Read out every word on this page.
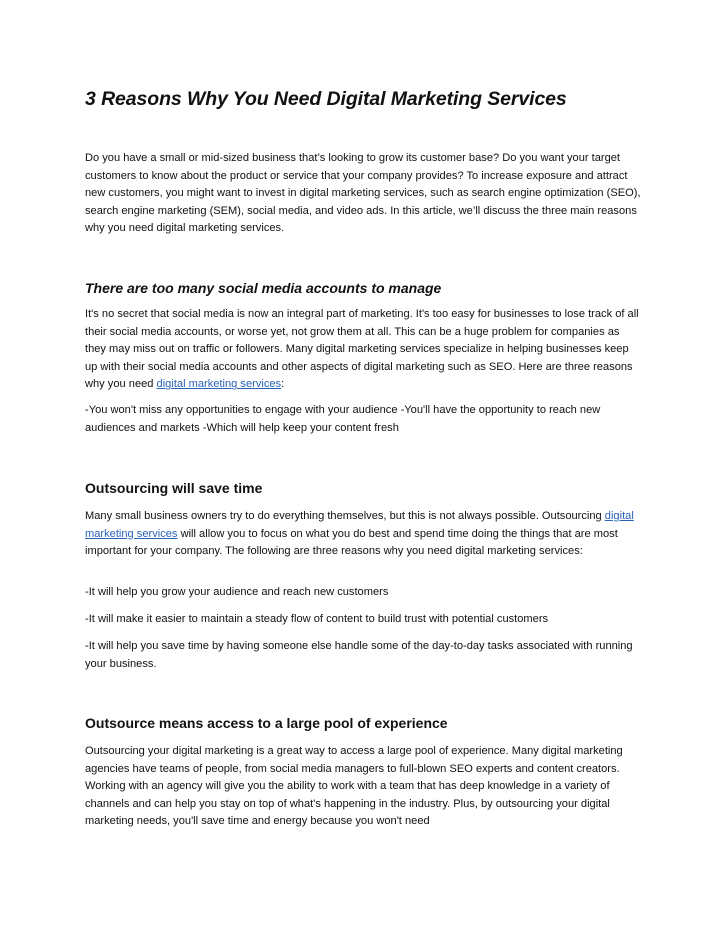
3 Reasons Why You Need Digital Marketing Services

Do you have a small or mid-sized business that’s looking to grow its customer base? Do you want your target customers to know about the product or service that your company provides? To increase exposure and attract new customers, you might want to invest in digital marketing services, such as search engine optimization (SEO), search engine marketing (SEM), social media, and video ads. In this article, we’ll discuss the three main reasons why you need digital marketing services.

There are too many social media accounts to manage

It's no secret that social media is now an integral part of marketing. It's too easy for businesses to lose track of all their social media accounts, or worse yet, not grow them at all. This can be a huge problem for companies as they may miss out on traffic or followers. Many digital marketing services specialize in helping businesses keep up with their social media accounts and other aspects of digital marketing such as SEO. Here are three reasons why you need digital marketing services:

-You won't miss any opportunities to engage with your audience -You'll have the opportunity to reach new audiences and markets -Which will help keep your content fresh

Outsourcing will save time

Many small business owners try to do everything themselves, but this is not always possible. Outsourcing digital marketing services will allow you to focus on what you do best and spend time doing the things that are most important for your company. The following are three reasons why you need digital marketing services:

-It will help you grow your audience and reach new customers

-It will make it easier to maintain a steady flow of content to build trust with potential customers

-It will help you save time by having someone else handle some of the day-to-day tasks associated with running your business.

Outsource means access to a large pool of experience

Outsourcing your digital marketing is a great way to access a large pool of experience. Many digital marketing agencies have teams of people, from social media managers to full-blown SEO experts and content creators. Working with an agency will give you the ability to work with a team that has deep knowledge in a variety of channels and can help you stay on top of what's happening in the industry. Plus, by outsourcing your digital marketing needs, you'll save time and energy because you won't need
